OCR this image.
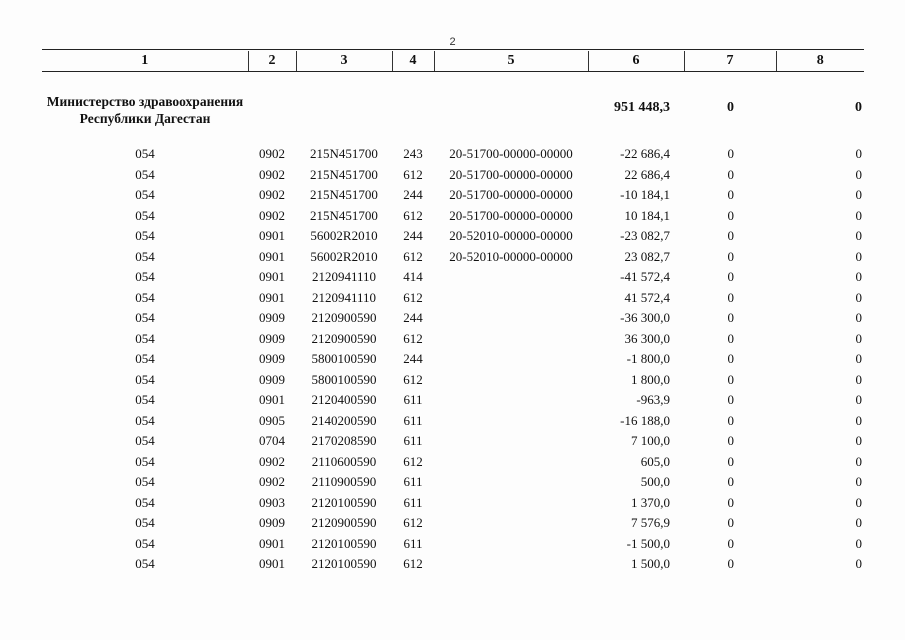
2
1	2	3	4	5	6	7	8
Министерство здравоохранения Республики Дагестан					951 448,3	0	0
054	0902	215N451700	243	20-51700-00000-00000	-22 686,4	0	0
054	0902	215N451700	612	20-51700-00000-00000	22 686,4	0	0
054	0902	215N451700	244	20-51700-00000-00000	-10 184,1	0	0
054	0902	215N451700	612	20-51700-00000-00000	10 184,1	0	0
054	0901	56002R2010	244	20-52010-00000-00000	-23 082,7	0	0
054	0901	56002R2010	612	20-52010-00000-00000	23 082,7	0	0
054	0901	2120941110	414		-41 572,4	0	0
054	0901	2120941110	612		41 572,4	0	0
054	0909	2120900590	244		-36 300,0	0	0
054	0909	2120900590	612		36 300,0	0	0
054	0909	5800100590	244		-1 800,0	0	0
054	0909	5800100590	612		1 800,0	0	0
054	0901	2120400590	611		-963,9	0	0
054	0905	2140200590	611		-16 188,0	0	0
054	0704	2170208590	611		7 100,0	0	0
054	0902	2110600590	612		605,0	0	0
054	0902	2110900590	611		500,0	0	0
054	0903	2120100590	611		1 370,0	0	0
054	0909	2120900590	612		7 576,9	0	0
054	0901	2120100590	611		-1 500,0	0	0
054	0901	2120100590	612		1 500,0	0	0
